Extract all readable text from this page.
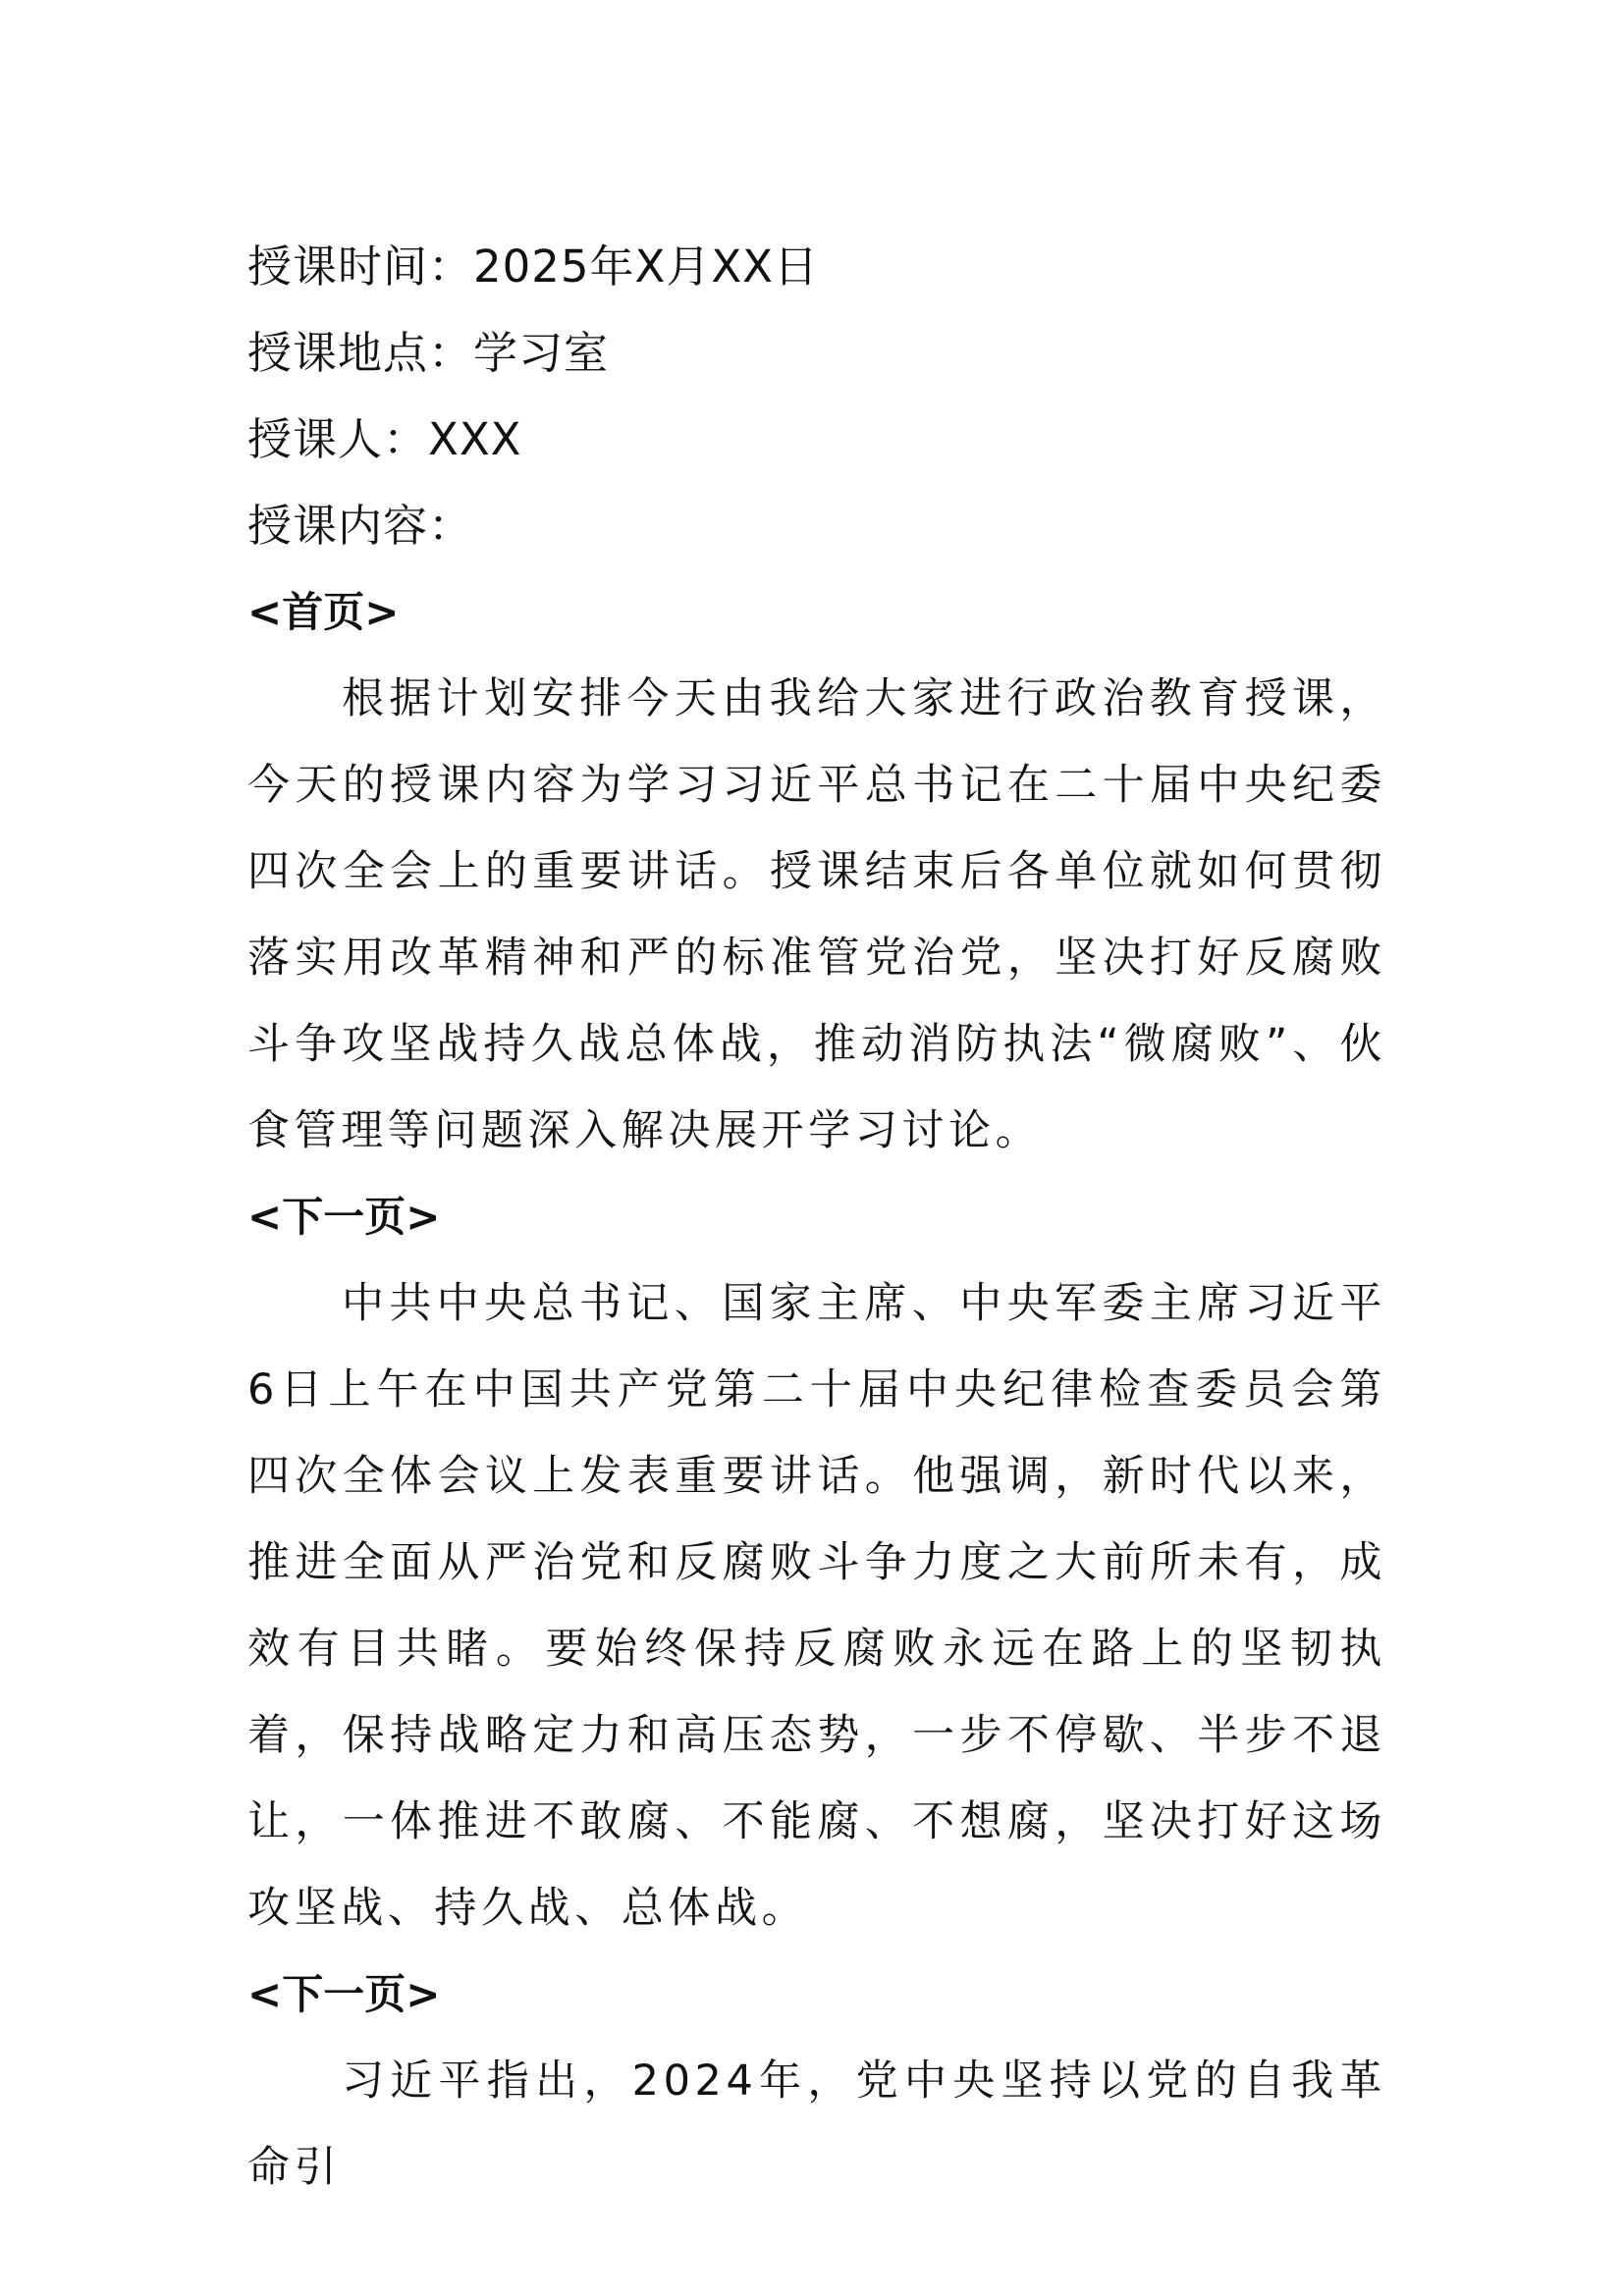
授课时间：2025年X月XX日
授课地点：学习室
授课人：XXX
授课内容：
<首页>

根据计划安排今天由我给大家进行政治教育授课，今天的授课内容为学习习近平总书记在二十届中央纪委四次全会上的重要讲话。授课结束后各单位就如何贯彻落实用改革精神和严的标准管党治党，坚决打好反腐败斗争攻坚战持久战总体战，推动消防执法“微腐败”、伙食管理等问题深入解决展开学习讨论。

<下一页>

中共中央总书记、国家主席、中央军委主席习近平6日上午在中国共产党第二十届中央纪律检查委员会第四次全体会议上发表重要讲话。他强调，新时代以来，推进全面从严治党和反腐败斗争力度之大前所未有，成效有目共睹。要始终保持反腐败永远在路上的坚韧执着，保持战略定力和高压态势，一步不停歇、半步不退让，一体推进不敢腐、不能腐、不想腐，坚决打好这场攻坚战、持久战、总体战。

<下一页>

习近平指出，2024年，党中央坚持以党的自我革命引
